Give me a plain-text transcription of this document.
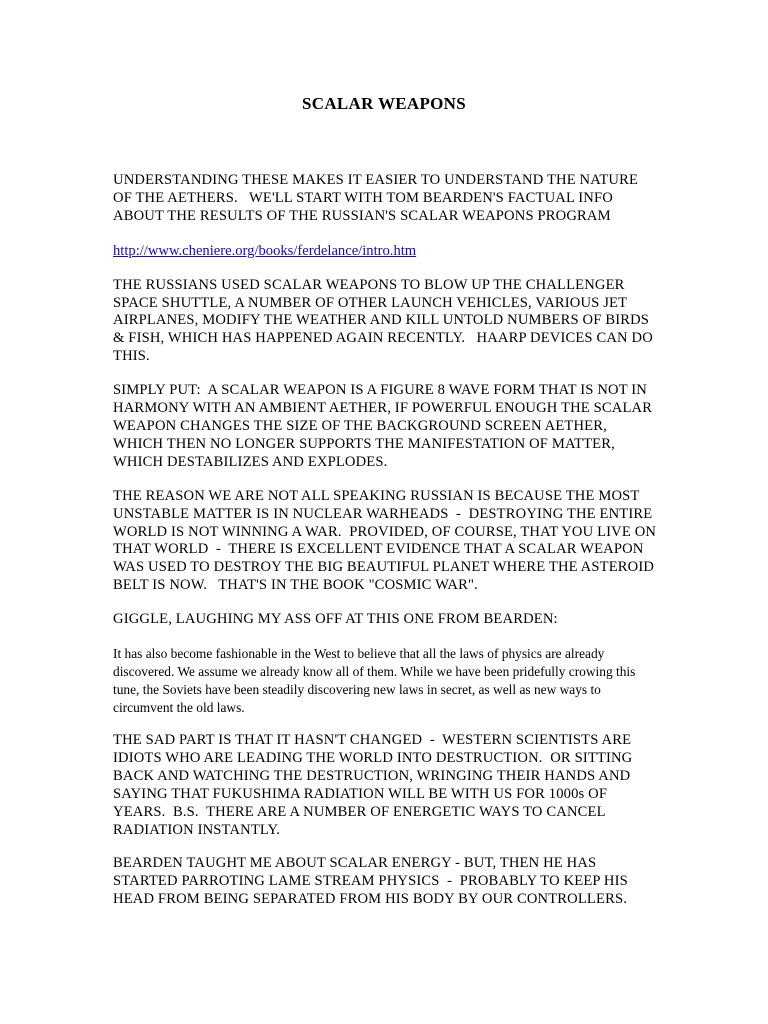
SCALAR WEAPONS
UNDERSTANDING THESE MAKES IT EASIER TO UNDERSTAND THE NATURE OF THE AETHERS.   WE'LL START WITH TOM BEARDEN'S FACTUAL INFO ABOUT THE RESULTS OF THE RUSSIAN'S SCALAR WEAPONS PROGRAM
http://www.cheniere.org/books/ferdelance/intro.htm
THE RUSSIANS USED SCALAR WEAPONS TO BLOW UP THE CHALLENGER SPACE SHUTTLE, A NUMBER OF OTHER LAUNCH VEHICLES, VARIOUS JET AIRPLANES, MODIFY THE WEATHER AND KILL UNTOLD NUMBERS OF BIRDS & FISH, WHICH HAS HAPPENED AGAIN RECENTLY.   HAARP DEVICES CAN DO THIS.
SIMPLY PUT:  A SCALAR WEAPON IS A FIGURE 8 WAVE FORM THAT IS NOT IN HARMONY WITH AN AMBIENT AETHER, IF POWERFUL ENOUGH THE SCALAR WEAPON CHANGES THE SIZE OF THE BACKGROUND SCREEN AETHER, WHICH THEN NO LONGER SUPPORTS THE MANIFESTATION OF MATTER, WHICH DESTABILIZES AND EXPLODES.
THE REASON WE ARE NOT ALL SPEAKING RUSSIAN IS BECAUSE THE MOST UNSTABLE MATTER IS IN NUCLEAR WARHEADS  -  DESTROYING THE ENTIRE WORLD IS NOT WINNING A WAR.  PROVIDED, OF COURSE, THAT YOU LIVE ON THAT WORLD  -  THERE IS EXCELLENT EVIDENCE THAT A SCALAR WEAPON WAS USED TO DESTROY THE BIG BEAUTIFUL PLANET WHERE THE ASTEROID BELT IS NOW.   THAT'S IN THE BOOK "COSMIC WAR".
GIGGLE, LAUGHING MY ASS OFF AT THIS ONE FROM BEARDEN:
It has also become fashionable in the West to believe that all the laws of physics are already discovered. We assume we already know all of them. While we have been pridefully crowing this tune, the Soviets have been steadily discovering new laws in secret, as well as new ways to circumvent the old laws.
THE SAD PART IS THAT IT HASN'T CHANGED  -  WESTERN SCIENTISTS ARE IDIOTS WHO ARE LEADING THE WORLD INTO DESTRUCTION.  OR SITTING BACK AND WATCHING THE DESTRUCTION, WRINGING THEIR HANDS AND SAYING THAT FUKUSHIMA RADIATION WILL BE WITH US FOR 1000s OF YEARS.  B.S.  THERE ARE A NUMBER OF ENERGETIC WAYS TO CANCEL RADIATION INSTANTLY.
BEARDEN TAUGHT ME ABOUT SCALAR ENERGY - BUT, THEN HE HAS STARTED PARROTING LAME STREAM PHYSICS  -  PROBABLY TO KEEP HIS HEAD FROM BEING SEPARATED FROM HIS BODY BY OUR CONTROLLERS.
